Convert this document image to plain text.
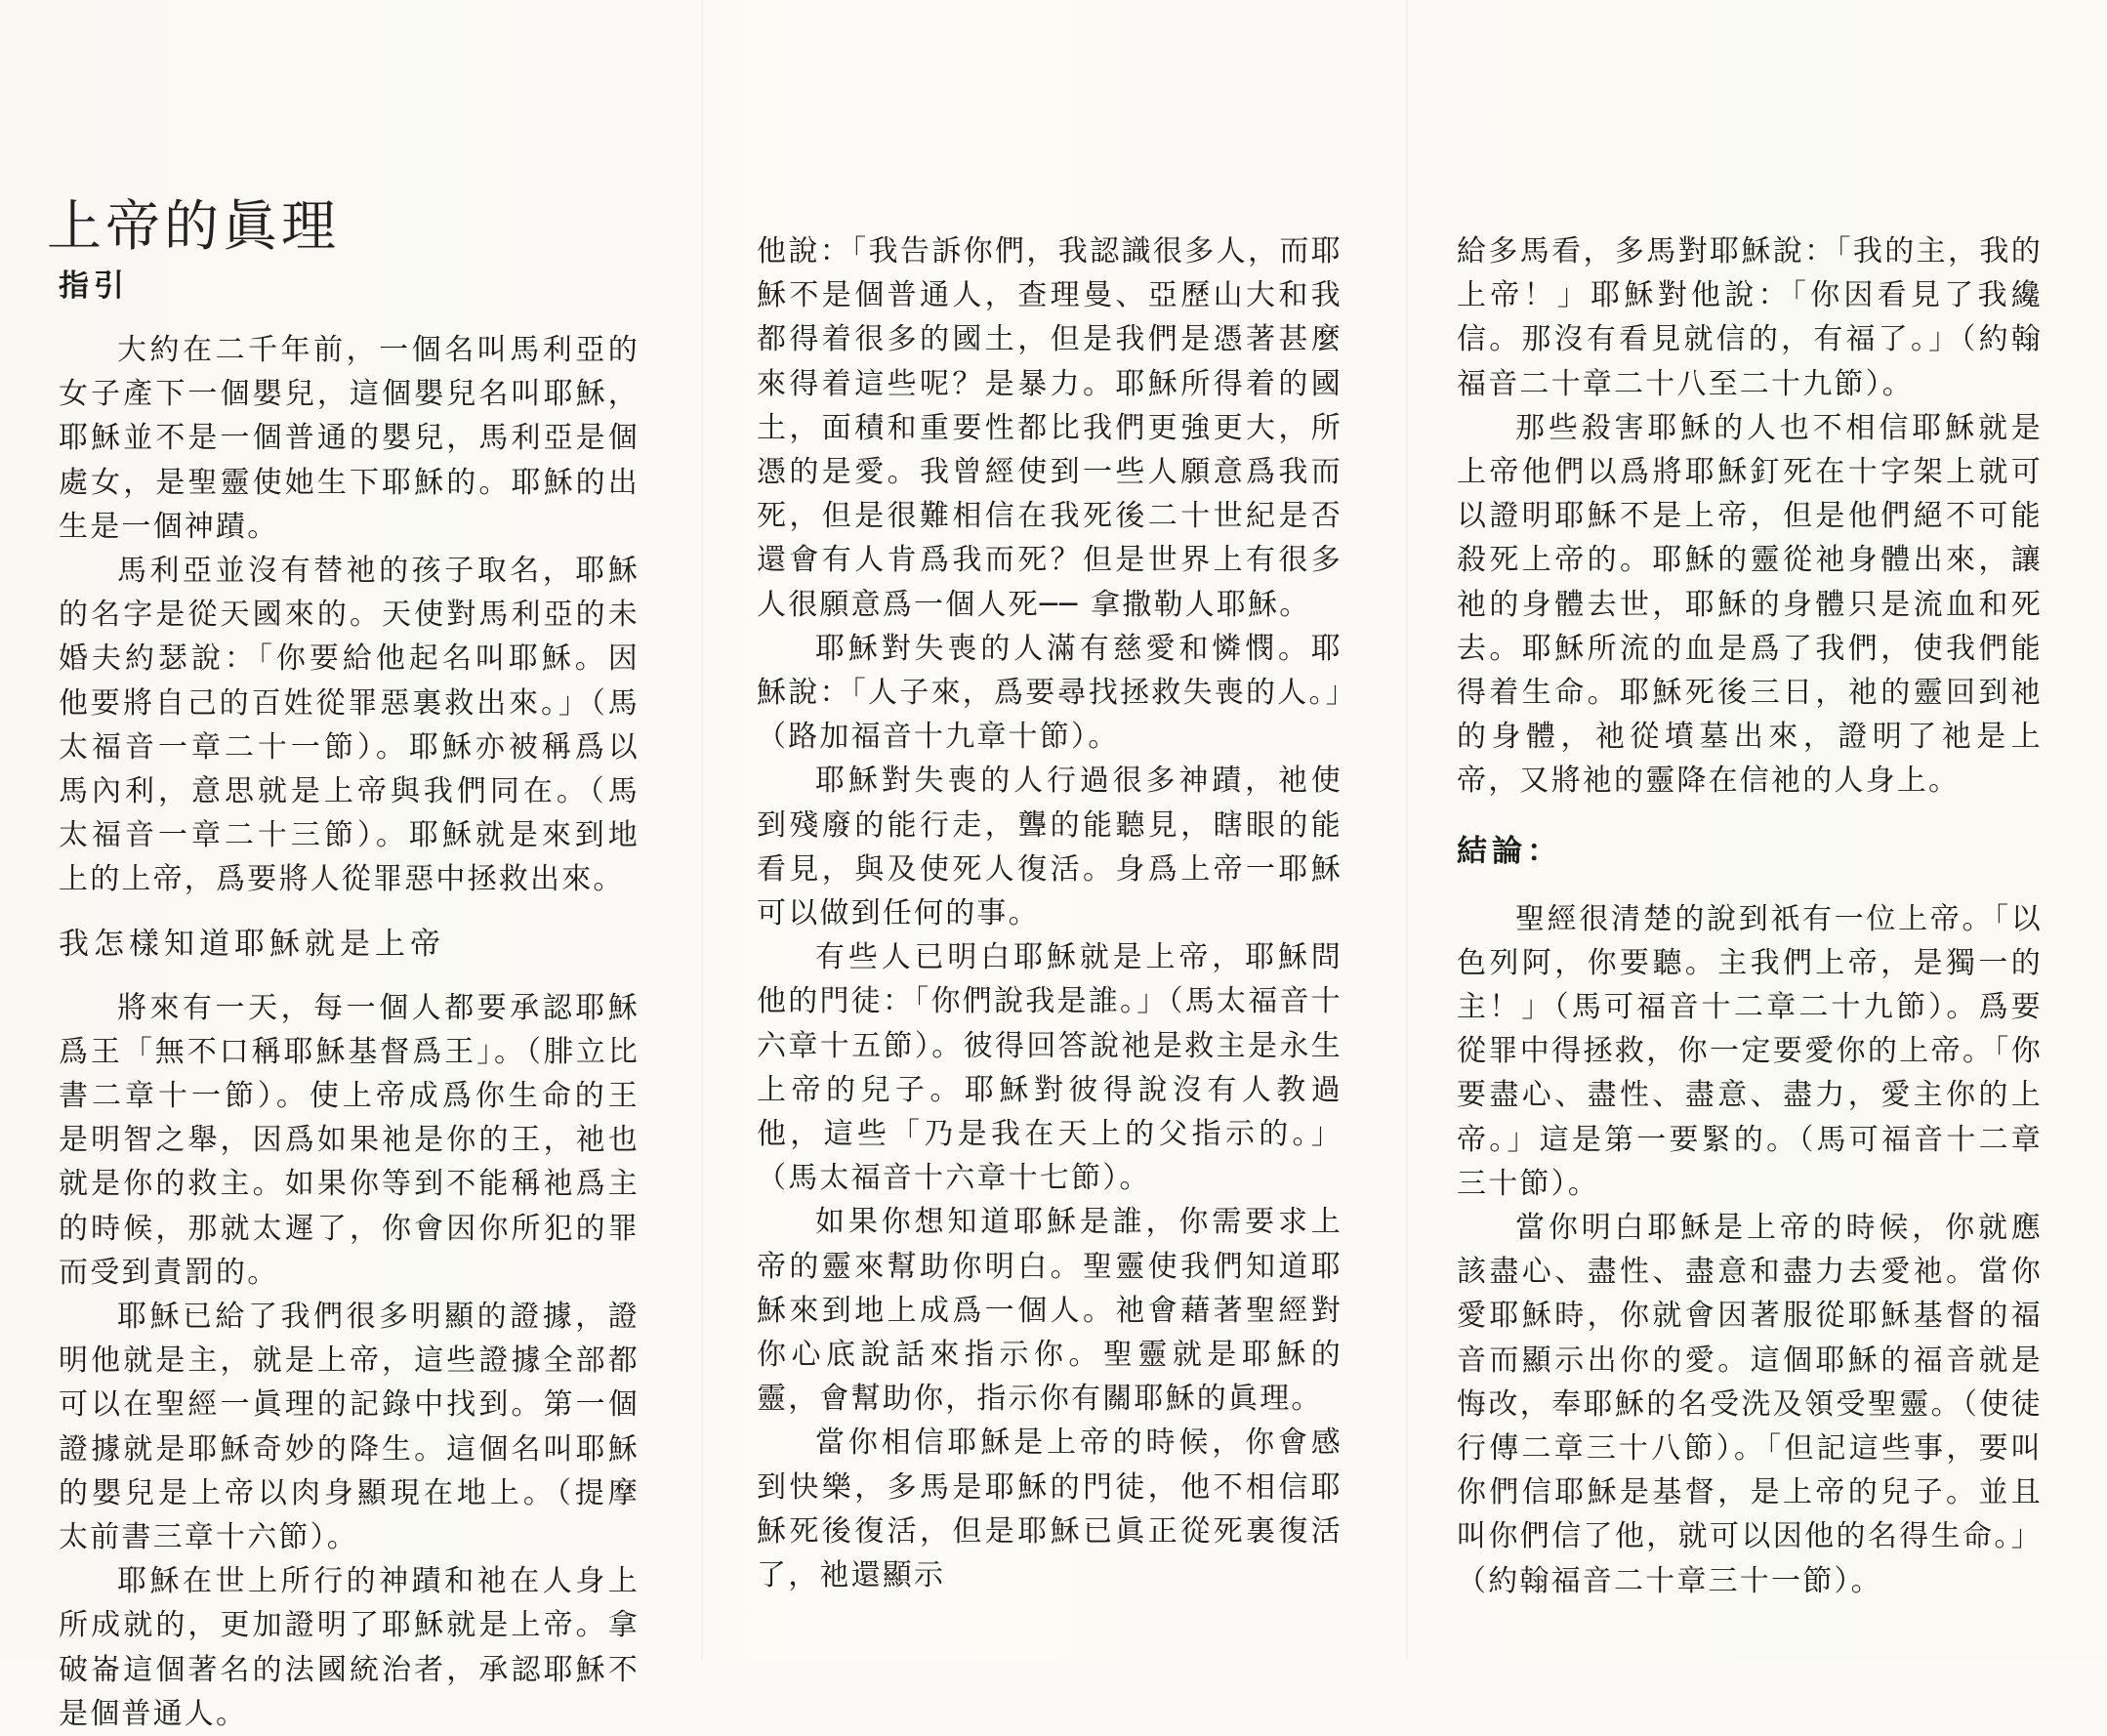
上帝的眞理
指引

大約在二千年前，一個名叫馬利亞的女子產下一個嬰兒，這個嬰兒名叫耶穌，耶穌並不是一個普通的嬰兒，馬利亞是個處女，是聖靈使她生下耶穌的。耶穌的出生是一個神蹟。

馬利亞並沒有替祂的孩子取名，耶穌的名字是從天國來的。天使對馬利亞的未婚夫約瑟說：「你要給他起名叫耶穌。因他要將自己的百姓從罪惡裏救出來。」（馬太福音一章二十一節）。耶穌亦被稱爲以馬內利，意思就是上帝與我們同在。（馬太福音一章二十三節）。耶穌就是來到地上的上帝，爲要將人從罪惡中拯救出來。

我怎樣知道耶穌就是上帝

將來有一天，每一個人都要承認耶穌爲王「無不口稱耶穌基督爲王」。（腓立比書二章十一節）。使上帝成爲你生命的王是明智之舉，因爲如果祂是你的王，祂也就是你的救主。如果你等到不能稱祂爲主的時候，那就太遲了，你會因你所犯的罪而受到責罰的。

耶穌已給了我們很多明顯的證據，證明他就是主，就是上帝，這些證據全部都可以在聖經一眞理的記錄中找到。第一個證據就是耶穌奇妙的降生。這個名叫耶穌的嬰兒是上帝以肉身顯現在地上。（提摩太前書三章十六節）。

耶穌在世上所行的神蹟和祂在人身上所成就的，更加證明了耶穌就是上帝。拿破崙這個著名的法國統治者，承認耶穌不是個普通人。

他說：「我告訴你們，我認識很多人，而耶穌不是個普通人，查理曼、亞歷山大和我都得着很多的國土，但是我們是憑著甚麼來得着這些呢？是暴力。耶穌所得着的國土，面積和重要性都比我們更強更大，所憑的是愛。我曾經使到一些人願意爲我而死，但是很難相信在我死後二十世紀是否還會有人肯爲我而死？但是世界上有很多人很願意爲一個人死── 拿撒勒人耶穌。

耶穌對失喪的人滿有慈愛和憐憫。耶穌說：「人子來，爲要尋找拯救失喪的人。」（路加福音十九章十節）。

耶穌對失喪的人行過很多神蹟，祂使到殘廢的能行走，聾的能聽見，瞎眼的能看見，與及使死人復活。身爲上帝一耶穌可以做到任何的事。

有些人已明白耶穌就是上帝，耶穌問他的門徒：「你們說我是誰。」（馬太福音十六章十五節）。彼得回答說祂是救主是永生上帝的兒子。耶穌對彼得說沒有人教過他，這些「乃是我在天上的父指示的。」（馬太福音十六章十七節）。

如果你想知道耶穌是誰，你需要求上帝的靈來幫助你明白。聖靈使我們知道耶穌來到地上成爲一個人。祂會藉著聖經對你心底說話來指示你。聖靈就是耶穌的靈，會幫助你，指示你有關耶穌的眞理。

當你相信耶穌是上帝的時候，你會感到快樂，多馬是耶穌的門徒，他不相信耶穌死後復活，但是耶穌已眞正從死裏復活了，祂還顯示

給多馬看，多馬對耶穌說：「我的主，我的上帝！」耶穌對他說：「你因看見了我纔信。那沒有看見就信的，有福了。」（約翰福音二十章二十八至二十九節）。

那些殺害耶穌的人也不相信耶穌就是上帝他們以爲將耶穌釘死在十字架上就可以證明耶穌不是上帝，但是他們絕不可能殺死上帝的。耶穌的靈從祂身體出來，讓祂的身體去世，耶穌的身體只是流血和死去。耶穌所流的血是爲了我們，使我們能得着生命。耶穌死後三日，祂的靈回到祂的身體，祂從墳墓出來，證明了祂是上帝，又將祂的靈降在信祂的人身上。

結論：

聖經很清楚的說到祇有一位上帝。「以色列阿，你要聽。主我們上帝，是獨一的主！」（馬可福音十二章二十九節）。爲要從罪中得拯救，你一定要愛你的上帝。「你要盡心、盡性、盡意、盡力，愛主你的上帝。」這是第一要緊的。（馬可福音十二章三十節）。

當你明白耶穌是上帝的時候，你就應該盡心、盡性、盡意和盡力去愛祂。當你愛耶穌時，你就會因著服從耶穌基督的福音而顯示出你的愛。這個耶穌的福音就是悔改，奉耶穌的名受洗及領受聖靈。（使徒行傳二章三十八節）。「但記這些事，要叫你們信耶穌是基督，是上帝的兒子。並且叫你們信了他，就可以因他的名得生命。」（約翰福音二十章三十一節）。
